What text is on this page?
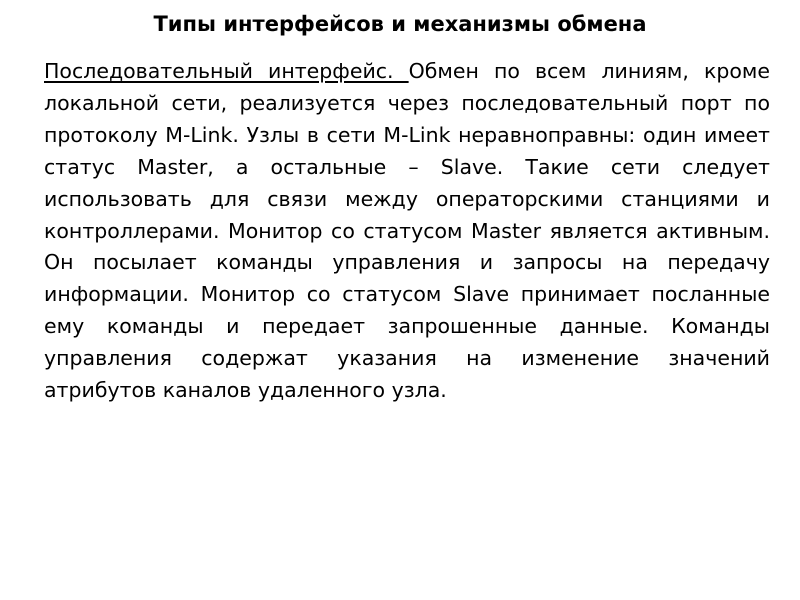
Типы интерфейсов и механизмы обмена
Последовательный интерфейс. Обмен по всем линиям, кроме локальной сети, реализуется через последовательный порт по протоколу M-Link. Узлы в сети M-Link неравноправны: один имеет статус Master, а остальные – Slave. Такие сети следует использовать для связи между операторскими станциями и контроллерами. Монитор со статусом Master является активным. Он посылает команды управления и запросы на передачу информации. Монитор со статусом Slave принимает посланные ему команды и передает запрошенные данные. Команды управления содержат указания на изменение значений атрибутов каналов удаленного узла.
